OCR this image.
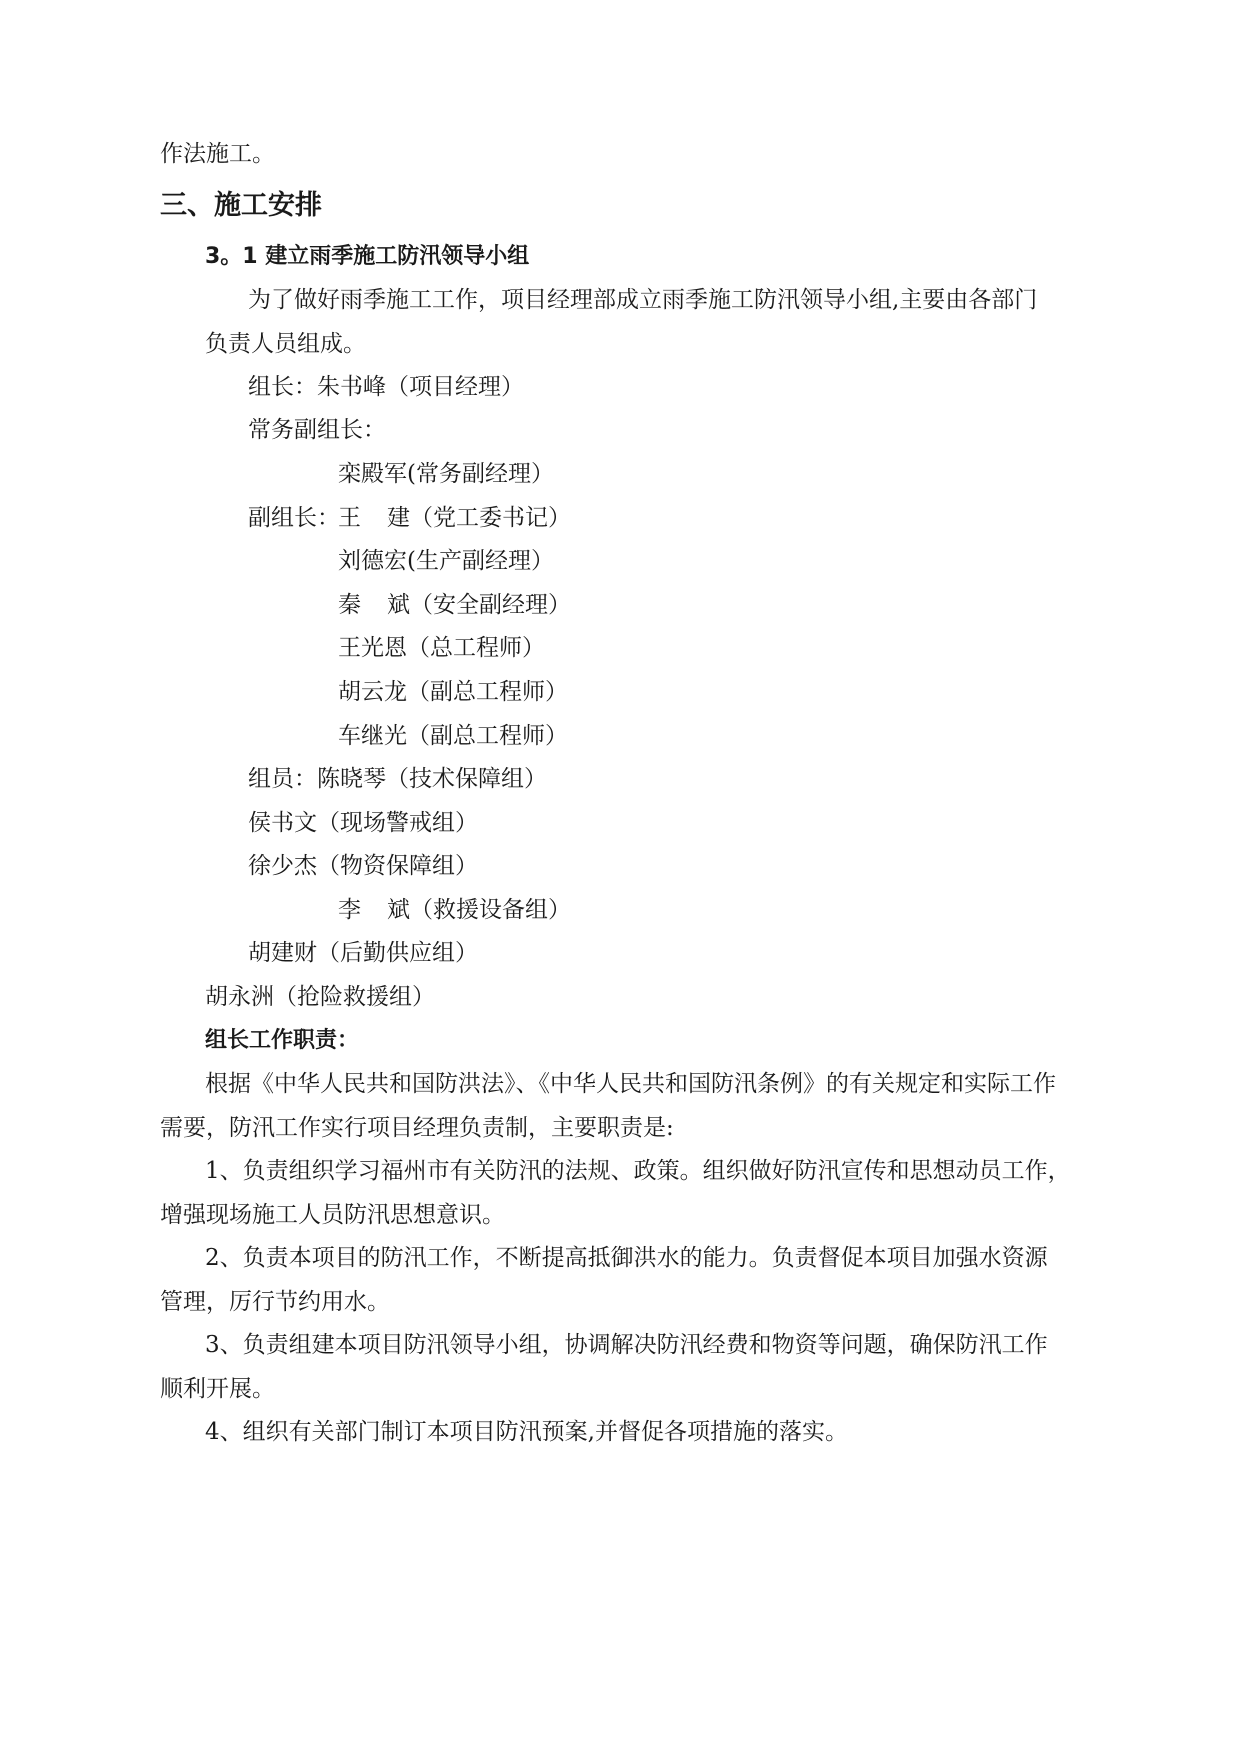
作法施工。

三、施工安排

3。1 建立雨季施工防汛领导小组

为了做好雨季施工工作，项目经理部成立雨季施工防汛领导小组,主要由各部门

负责人员组成。

组长：朱书峰（项目经理）

常务副组长：

栾殿军(常务副经理）

副组长：

王 建（党工委书记）

刘德宏(生产副经理）

秦 斌（安全副经理）

王光恩（总工程师）

胡云龙（副总工程师）

车继光（副总工程师）

组员：陈晓琴（技术保障组）

侯书文（现场警戒组）

徐少杰（物资保障组）

李 斌（救援设备组）

胡建财（后勤供应组）

胡永洲（抢险救援组）

组长工作职责：

根据《中华人民共和国防洪法》、《中华人民共和国防汛条例》的有关规定和实际工作

需要，防汛工作实行项目经理负责制，主要职责是:

1、负责组织学习福州市有关防汛的法规、政策。组织做好防汛宣传和思想动员工作，

增强现场施工人员防汛思想意识。

2、负责本项目的防汛工作，不断提高抵御洪水的能力。负责督促本项目加强水资源

管理，厉行节约用水。

3、负责组建本项目防汛领导小组，协调解决防汛经费和物资等问题，确保防汛工作

顺利开展。

4、组织有关部门制订本项目防汛预案,并督促各项措施的落实。
